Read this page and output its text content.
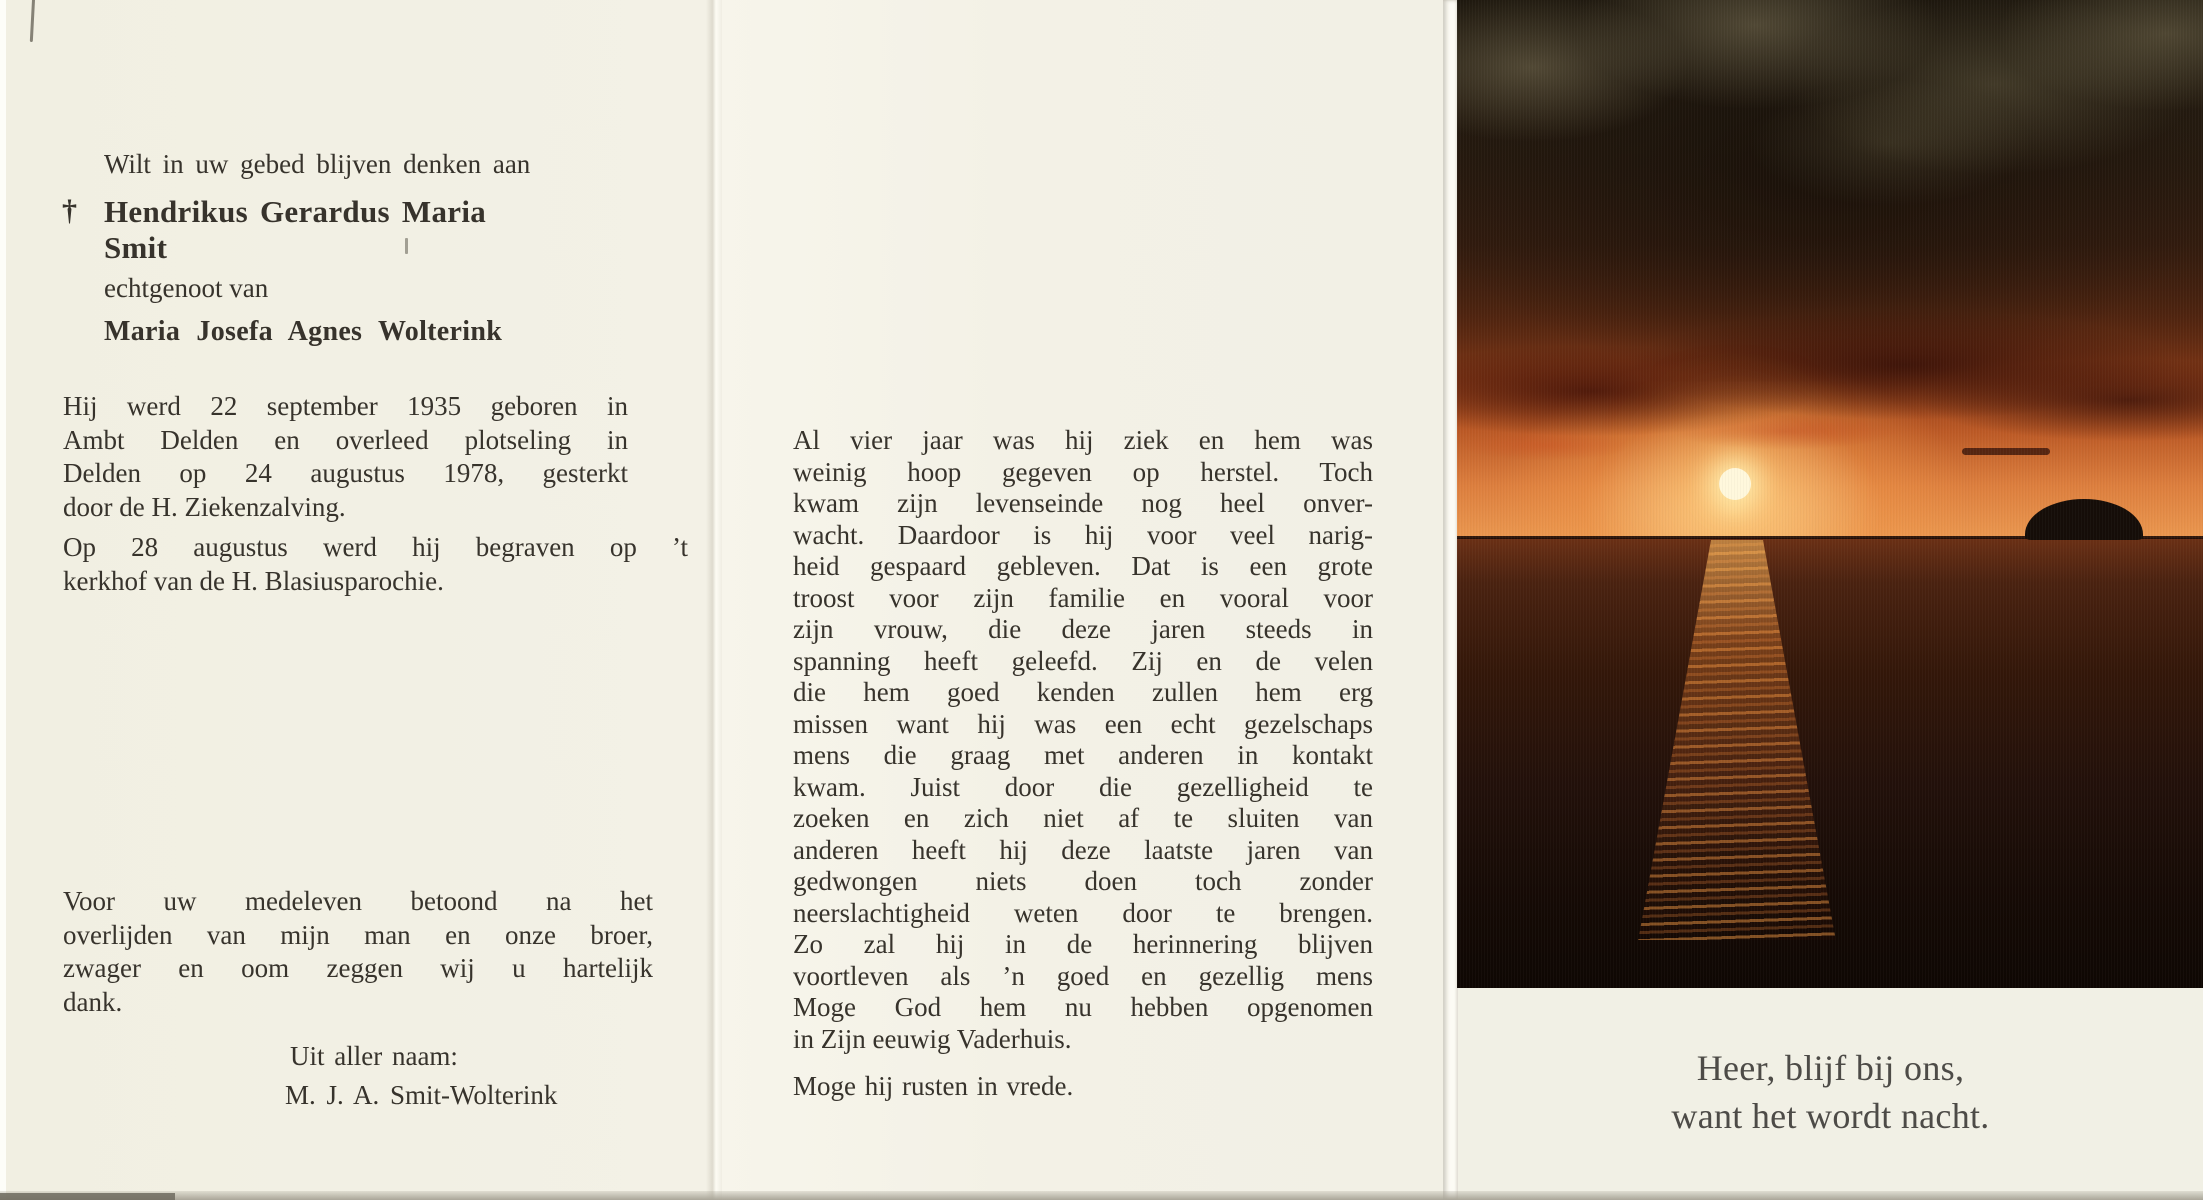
Wilt in uw gebed blijven denken aan
† Hendrikus Gerardus Maria
Smit
echtgenoot van
Maria Josefa Agnes Wolterink
Hij werd 22 september 1935 geboren in
Ambt Delden en overleed plotseling in
Delden op 24 augustus 1978, gesterkt
door de H. Ziekenzalving.
Op 28 augustus werd hij begraven op ’t
kerkhof van de H. Blasiusparochie.
Voor uw medeleven betoond na het
overlijden van mijn man en onze broer,
zwager en oom zeggen wij u hartelijk
dank.
Uit aller naam:
M. J. A. Smit-Wolterink
Al vier jaar was hij ziek en hem was
weinig hoop gegeven op herstel. Toch
kwam zijn levenseinde nog heel onver-
wacht. Daardoor is hij voor veel narig-
heid gespaard gebleven. Dat is een grote
troost voor zijn familie en vooral voor
zijn vrouw, die deze jaren steeds in
spanning heeft geleefd. Zij en de velen
die hem goed kenden zullen hem erg
missen want hij was een echt gezelschaps
mens die graag met anderen in kontakt
kwam. Juist door die gezelligheid te
zoeken en zich niet af te sluiten van
anderen heeft hij deze laatste jaren van
gedwongen niets doen toch zonder
neerslachtigheid weten door te brengen.
Zo zal hij in de herinnering blijven
voortleven als ’n goed en gezellig mens
Moge God hem nu hebben opgenomen
in Zijn eeuwig Vaderhuis.
Moge hij rusten in vrede.	Heer, blijf bij ons,
want het wordt nacht.
